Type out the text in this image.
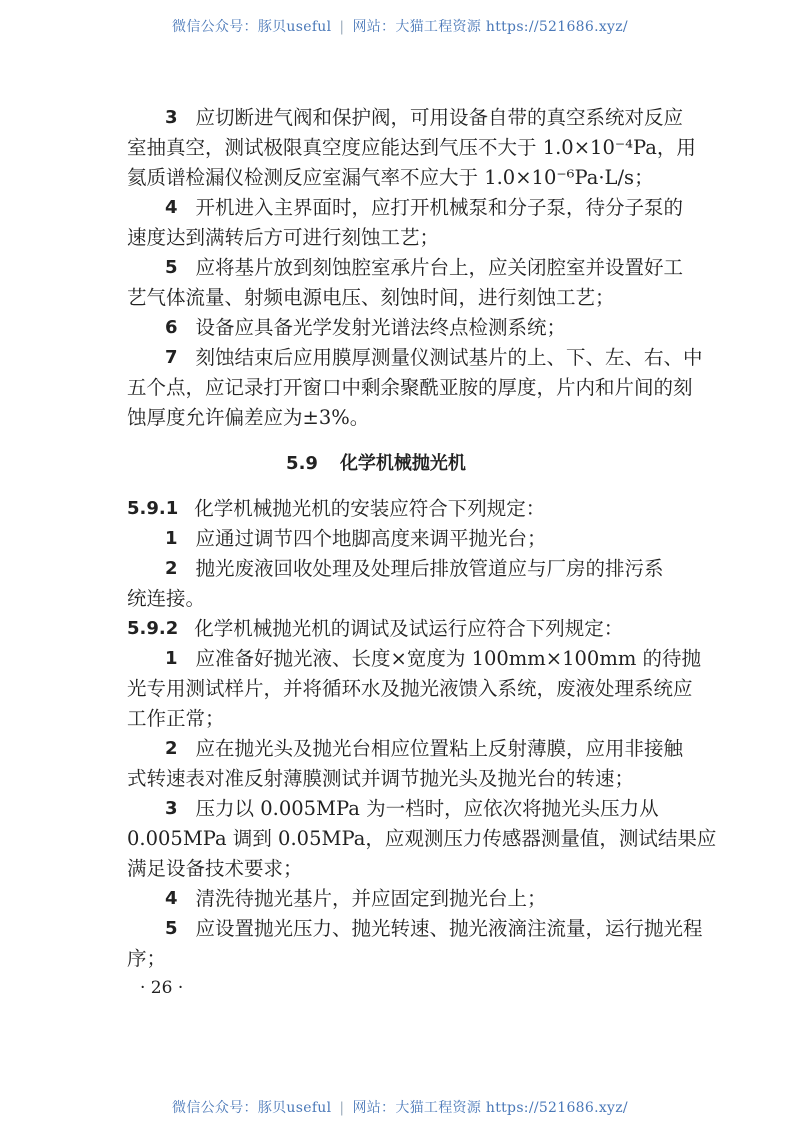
微信公众号：豚贝useful | 网站：大猫工程资源 https://521686.xyz/
3 应切断进气阀和保护阀，可用设备自带的真空系统对反应
室抽真空，测试极限真空度应能达到气压不大于 1.0×10⁻⁴Pa，用
氦质谱检漏仪检测反应室漏气率不应大于 1.0×10⁻⁶Pa·L/s；
4 开机进入主界面时，应打开机械泵和分子泵，待分子泵的
速度达到满转后方可进行刻蚀工艺；
5 应将基片放到刻蚀腔室承片台上，应关闭腔室并设置好工
艺气体流量、射频电源电压、刻蚀时间，进行刻蚀工艺；
6 设备应具备光学发射光谱法终点检测系统；
7 刻蚀结束后应用膜厚测量仪测试基片的上、下、左、右、中
五个点，应记录打开窗口中剩余聚酰亚胺的厚度，片内和片间的刻
蚀厚度允许偏差应为±3%。
5.9 化学机械抛光机
5.9.1 化学机械抛光机的安装应符合下列规定：
1 应通过调节四个地脚高度来调平抛光台；
2 抛光废液回收处理及处理后排放管道应与厂房的排污系
统连接。
5.9.2 化学机械抛光机的调试及试运行应符合下列规定：
1 应准备好抛光液、长度×宽度为 100mm×100mm 的待抛
光专用测试样片，并将循环水及抛光液馈入系统，废液处理系统应
工作正常；
2 应在抛光头及抛光台相应位置粘上反射薄膜，应用非接触
式转速表对准反射薄膜测试并调节抛光头及抛光台的转速；
3 压力以 0.005MPa 为一档时，应依次将抛光头压力从
0.005MPa 调到 0.05MPa，应观测压力传感器测量值，测试结果应
满足设备技术要求；
4 清洗待抛光基片，并应固定到抛光台上；
5 应设置抛光压力、抛光转速、抛光液滴注流量，运行抛光程
序；
· 26 ·
微信公众号：豚贝useful | 网站：大猫工程资源 https://521686.xyz/
